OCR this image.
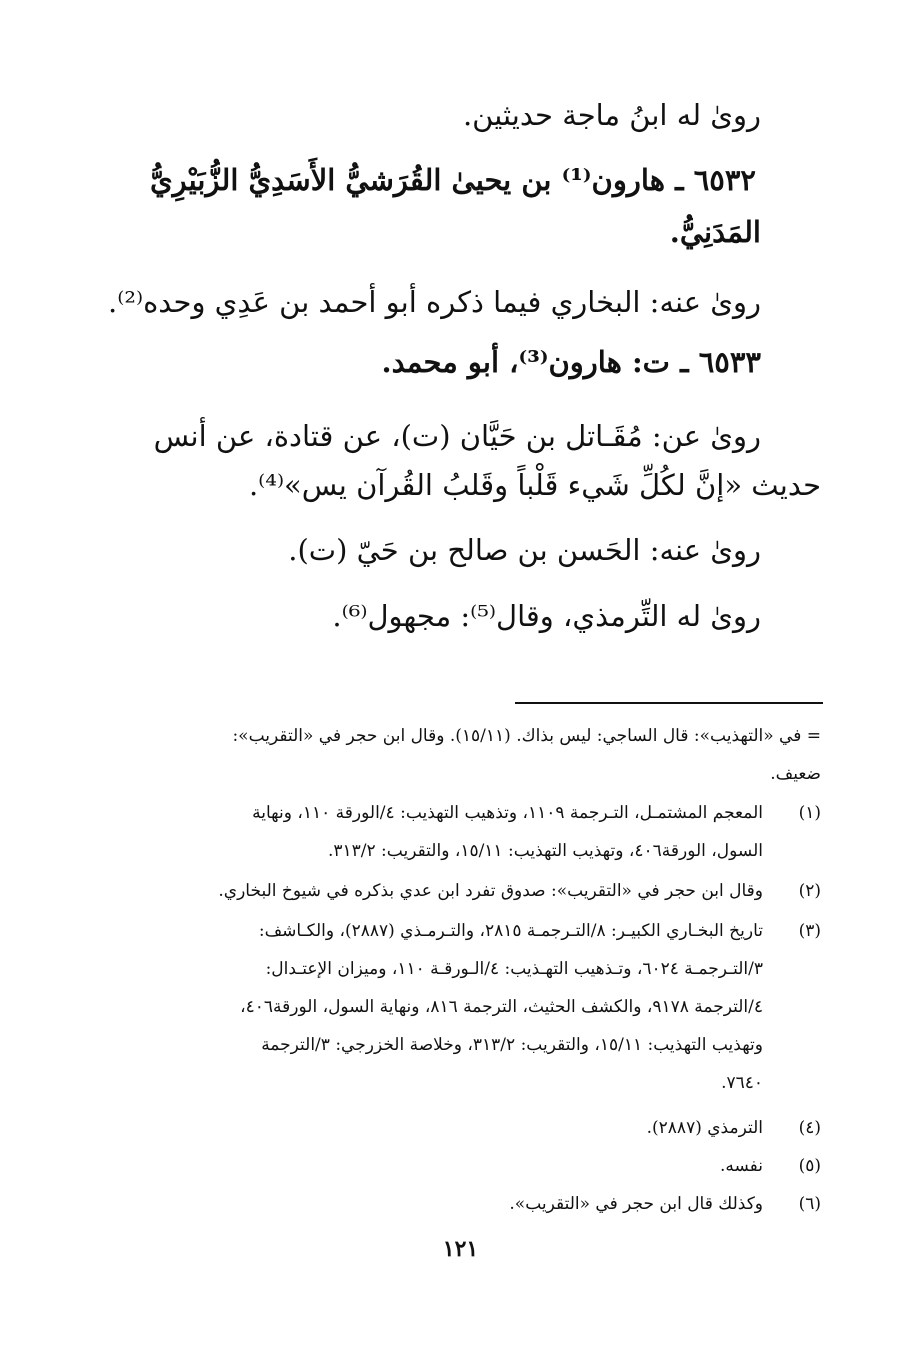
روىٰ له ابنُ ماجة حديثين.
٦٥٣٢ ـ هارون⁽¹⁾ بن يحيىٰ القُرَشيُّ الأَسَدِيُّ الزُّبَيْرِيُّ
المَدَنِيُّ.
روىٰ عنه: البخاري فيما ذكره أبو أحمد بن عَدِي وحده⁽²⁾.
٦٥٣٣ ـ ت: هارون⁽³⁾، أبو محمد.
روىٰ عن: مُقَـاتل بن حَيَّان (ت)، عن قتادة، عن أنس
حديث «إنَّ لكُلِّ شَيء قَلْباً وقَلبُ القُرآن يس»⁽⁴⁾.
روىٰ عنه: الحَسن بن صالح بن حَيّ (ت).
روىٰ له التِّرمذي، وقال⁽⁵⁾: مجهول⁽⁶⁾.
= في «التهذيب»: قال الساجي: ليس بذاك. (١٥/١١). وقال ابن حجر في «التقريب»:
ضعيف.
(١)
المعجم المشتمـل، التـرجمة ١١٠٩، وتذهيب التهذيب: ٤/الورقة ١١٠، ونهاية
السول، الورقة٤٠٦، وتهذيب التهذيب: ١٥/١١، والتقريب: ٣١٣/٢.
(٢)
وقال ابن حجر في «التقريب»: صدوق تفرد ابن عدي بذكره في شيوخ البخاري.
(٣)
تاريخ البخـاري الكبيـر: ٨/التـرجمـة ٢٨١٥، والتـرمـذي (٢٨٨٧)، والكـاشف:
٣/التـرجمـة ٦٠٢٤، وتـذهيب التهـذيب: ٤/الـورقـة ١١٠، وميزان الإعتـدال:
٤/الترجمة ٩١٧٨، والكشف الحثيث، الترجمة ٨١٦، ونهاية السول، الورقة٤٠٦،
وتهذيب التهذيب: ١٥/١١، والتقريب: ٣١٣/٢، وخلاصة الخزرجي: ٣/الترجمة
٧٦٤٠.
(٤)
الترمذي (٢٨٨٧).
(٥)
نفسه.
(٦)
وكذلك قال ابن حجر في «التقريب».
١٢١
